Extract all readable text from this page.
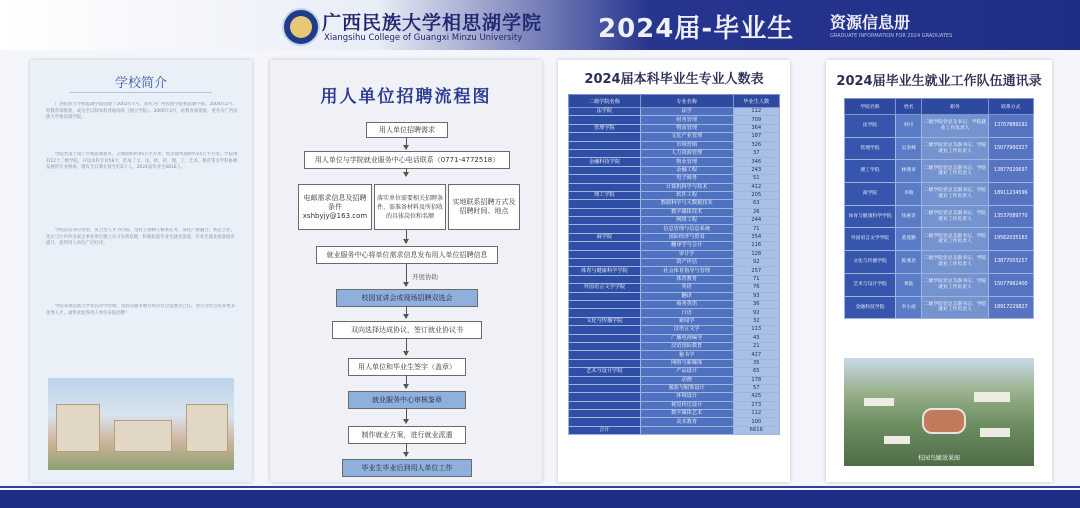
广西民族大学相思湖学院
Xiangsihu College of Guangxi Minzu University	2024届-毕业生 资源信息册
GRADUATE INFORMATION FOR 2024 GRADUATES
学校简介
广西民族大学相思湖学院创建于2002年7月，原名为广西民族学院相思湖学院。2004年2月，经教育部批准，成为全日制本科普通高校（独立学院）。2006年3月，经教育部批准，更名为广西民族大学相思湖学院。
学院坐落于南宁市相思湖新区，占地面积约45万平方米，校舍建筑面积约25万平方米。学院现有12个二级学院，开设本科专业58个，形成了文、法、经、管、理、工、艺术、教育等多学科协调发展的专业格局，现有全日制在校生约2万人，2024届毕业生6616人。
学院以培养应用型、复合型人才为目标，坚持立德树人根本任务，深化产教融合、校企合作，先后与区内外多家企事业单位建立实习实训基地，积极拓宽毕业生就业渠道，毕业生就业质量稳步提升，获得用人单位广泛好评。
学院秉承民族大学优良办学传统，坚持以服务地方经济社会发展为己任，努力为社会培养更多优秀人才。诚挚欢迎各用人单位来院招聘！
用人单位招聘流程图
用人单位招聘需求
用人单位与学院就业服务中心电话联系（0771-4772518）
电邮需求信息及招聘条件 xshbyjy@163.com
落实单位需要相关招聘条件、需准备材料及所招收的具体岗位和名额
实地联系招聘方式及招聘时间、地点
就业服务中心将单位需求信息发布用人单位招聘信息
开展协助
校园宣讲会或现场招聘双选会
双向选择达成协议，签订就业协议书
用人单位和毕业生签字（盖章）
就业服务中心审核鉴章
制作就业方案，进行就业派遣
毕业生毕业后到用人单位工作
2024届本科毕业生专业人数表
二级学院名称	专业名称	毕业生人数
法学院	法学	112
	财务管理	709
管理学院	物流管理	364
	文化产业管理	187
	市场营销	326
	人力资源管理	37
金融科技学院	物业管理	346
	金融工程	243
	电子商务	51
	计算机科学与技术	412
理工学院	软件工程	205
	数据科学与大数据技术	63
	数字媒体技术	26
	网络工程	244
	信息管理与信息系统	71
商学院	国际经济与贸易	354
	翻译学与会计	116
	审计学	128
	资产评估	92
体育与健康科学学院	社会体育指导与管理	257
	体育教育	71
外国语言文学学院	英语	76
	翻译	93
	商务英语	36
	日语	92
文化与传播学院	新闻学	32
	汉语言文学	113
	广播电视编导	43
	汉语国际教育	21
	秘书学	427
	网络与新媒体	35
艺术与设计学院	产品设计	65
	动画	178
	服装与服饰设计	57
	环境设计	425
	视觉传达设计	273
	数字媒体艺术	112
	美术教育	100
合计		6616
2024届毕业生就业工作队伍通讯录
学院名称	姓名	职务	联系方式
法学院	何川	二级学院党总支书记、学院就业工作负责人	13707889192
管理学院	吴金峰	二级学院党总支副书记、学院就业工作负责人	15077900327
理工学院	林燕青	二级学院党总支副书记、学院就业工作负责人	13877020697
商学院	李敏	二级学院党总支副书记、学院就业工作负责人	18911234596
体育与健康科学学院	钱惠奇	二级学院党总支副书记、学院就业工作负责人	13537089770
外国语言文学学院	莫莲勤	二级学院党总支副书记、学院就业工作负责人	19562035163
文化与传播学院	陈燕君	二级学院党总支副书记、学院就业工作负责人	13877003257
艺术与设计学院	黄陆	二级学院党总支副书记、学院就业工作负责人	15077962400
金融科技学院	李小波	二级学院党总支副书记、学院就业工作负责人	18917229827
校园鸟瞰效果图
